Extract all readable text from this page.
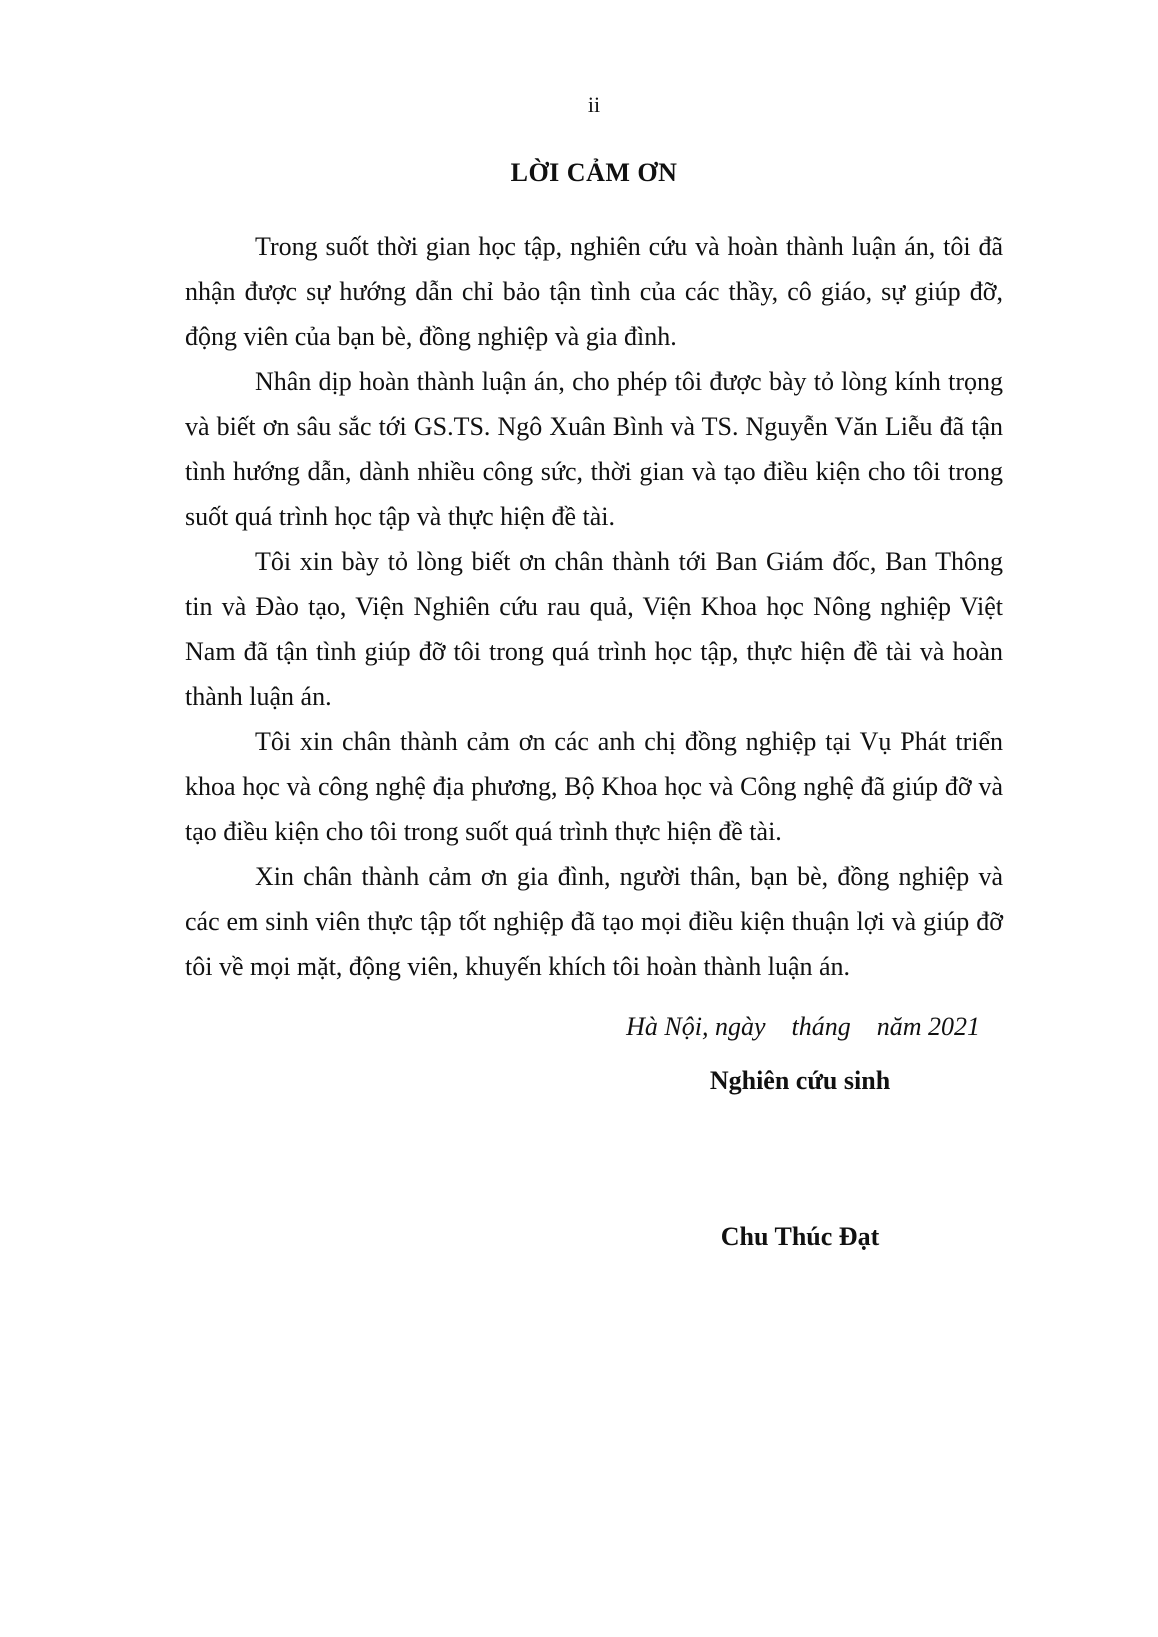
ii
LỜI CẢM ƠN

Trong suốt thời gian học tập, nghiên cứu và hoàn thành luận án, tôi đã nhận được sự hướng dẫn chỉ bảo tận tình của các thầy, cô giáo, sự giúp đỡ, động viên của bạn bè, đồng nghiệp và gia đình.

Nhân dịp hoàn thành luận án, cho phép tôi được bày tỏ lòng kính trọng và biết ơn sâu sắc tới GS.TS. Ngô Xuân Bình và TS. Nguyễn Văn Liễu đã tận tình hướng dẫn, dành nhiều công sức, thời gian và tạo điều kiện cho tôi trong suốt quá trình học tập và thực hiện đề tài.

Tôi xin bày tỏ lòng biết ơn chân thành tới Ban Giám đốc, Ban Thông tin và Đào tạo, Viện Nghiên cứu rau quả, Viện Khoa học Nông nghiệp Việt Nam đã tận tình giúp đỡ tôi trong quá trình học tập, thực hiện đề tài và hoàn thành luận án.

Tôi xin chân thành cảm ơn các anh chị đồng nghiệp tại Vụ Phát triển khoa học và công nghệ địa phương, Bộ Khoa học và Công nghệ đã giúp đỡ và tạo điều kiện cho tôi trong suốt quá trình thực hiện đề tài.

Xin chân thành cảm ơn gia đình, người thân, bạn bè, đồng nghiệp và các em sinh viên thực tập tốt nghiệp đã tạo mọi điều kiện thuận lợi và giúp đỡ tôi về mọi mặt, động viên, khuyến khích tôi hoàn thành luận án.

Hà Nội, ngày    tháng    năm 2021
Nghiên cứu sinh
Chu Thúc Đạt
